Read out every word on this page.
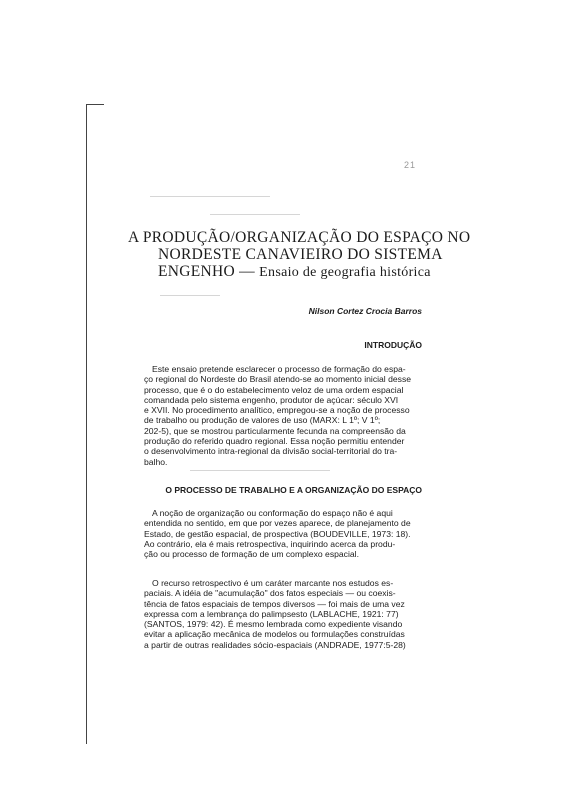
21
A PRODUÇÃO/ORGANIZAÇÃO DO ESPAÇO NO
NORDESTE CANAVIEIRO DO SISTEMA
ENGENHO — Ensaio de geografia histórica
Nilson Cortez Crocia Barros
INTRODUÇÃO
Este ensaio pretende esclarecer o processo de formação do espa-
ço regional do Nordeste do Brasil atendo-se ao momento inicial desse
processo, que é o do estabelecimento veloz de uma ordem espacial
comandada pelo sistema engenho, produtor de açúcar: século XVI
e XVII. No procedimento analítico, empregou-se a noção de processo
de trabalho ou produção de valores de uso (MARX: L 1º; V 1º;
202-5), que se mostrou particularmente fecunda na compreensão da
produção do referido quadro regional. Essa noção permitiu entender
o desenvolvimento intra-regional da divisão social-territorial do tra-
balho.
O PROCESSO DE TRABALHO E A ORGANIZAÇÃO DO ESPAÇO
A noção de organização ou conformação do espaço não é aqui
entendida no sentido, em que por vezes aparece, de planejamento de
Estado, de gestão espacial, de prospectiva (BOUDEVILLE, 1973: 18).
Ao contrário, ela é mais retrospectiva, inquirindo acerca da produ-
ção ou processo de formação de um complexo espacial.
O recurso retrospectivo é um caráter marcante nos estudos es-
paciais. A idéia de "acumulação" dos fatos especiais — ou coexis-
tência de fatos espaciais de tempos diversos — foi mais de uma vez
expressa com a lembrança do palimpsesto (LABLACHE, 1921: 77)
(SANTOS, 1979: 42). É mesmo lembrada como expediente visando
evitar a aplicação mecânica de modelos ou formulações construídas
a partir de outras realidades sócio-espaciais (ANDRADE, 1977:5-28)
